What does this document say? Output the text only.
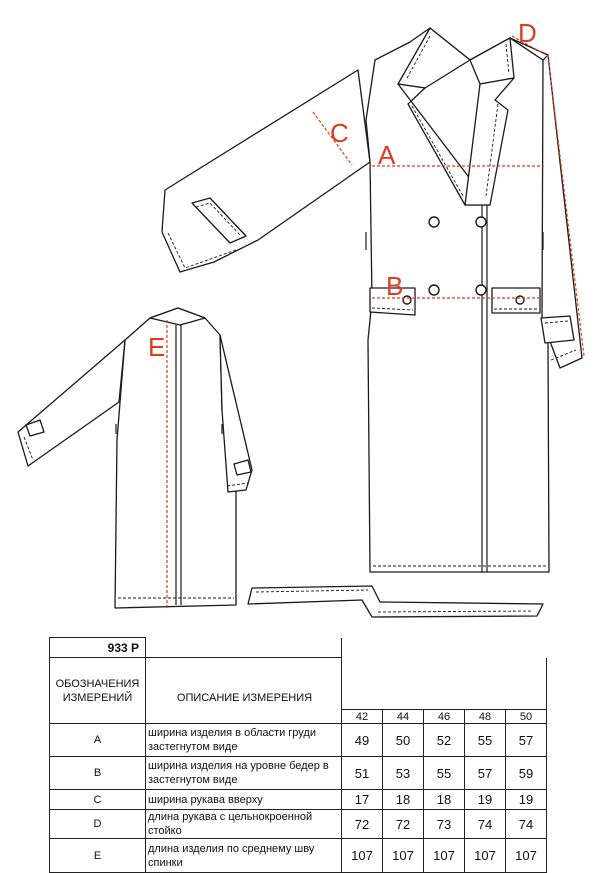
A
B
C
D
E
933 P						
ОБОЗНАЧЕНИЯ ИЗМЕРЕНИЙ	ОПИСАНИЕ ИЗМЕРЕНИЯ					
		42	44	46	48	50
A	ширина изделия в области груди застегнутом виде	49	50	52	55	57
B	ширина изделия на уровне бедер в застегнутом виде	51	53	55	57	59
C	ширина рукава вверху	17	18	18	19	19
D	длина рукава с цельнокроенной стойко	72	72	73	74	74
E	длина изделия по среднему шву спинки	107	107	107	107	107
